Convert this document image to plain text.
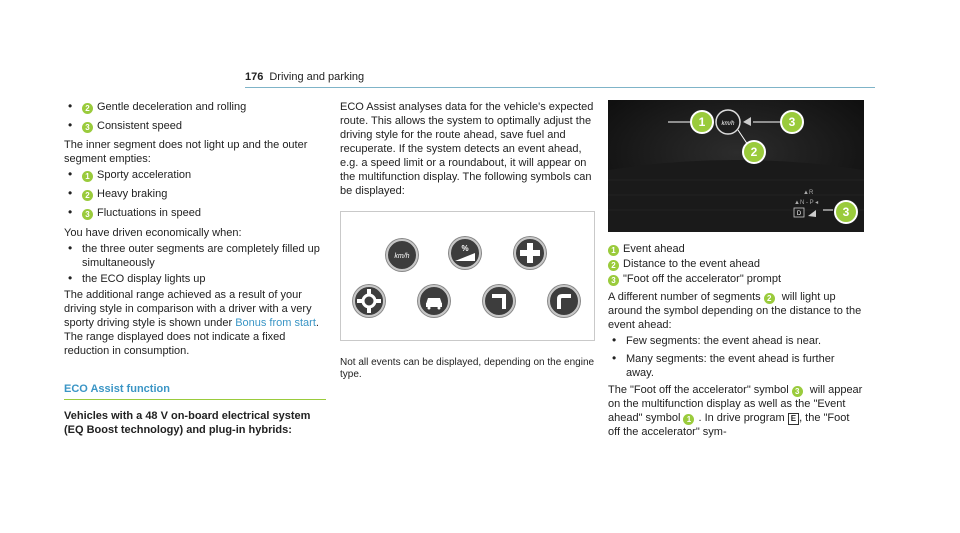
176 Driving and parking
• 2 Gentle deceleration and rolling
• 3 Consistent speed

The inner segment does not light up and the outer segment empties:

• 1 Sporty acceleration
• 2 Heavy braking
• 3 Fluctuations in speed

You have driven economically when:

• the three outer segments are completely filled up simultaneously
• the ECO display lights up

The additional range achieved as a result of your driving style in comparison with a driver with a very sporty driving style is shown under Bonus from start. The range displayed does not indicate a fixed reduction in consumption.

ECO Assist function
Vehicles with a 48 V on-board electrical system (EQ Boost technology) and plug-in hybrids:

ECO Assist analyses data for the vehicle's expected route. This allows the system to optimally adjust the driving style for the route ahead, save fuel and recuperate. If the system detects an event ahead, e.g. a speed limit or a roundabout, it will appear on the multifunction display. The following symbols can be displayed:

km/h
%

Not all events can be displayed, depending on the engine type.

km/h
▲R
▲N - P ◂
D
1
2
3
3

1 Event ahead

2 Distance to the event ahead

3 "Foot off the accelerator" prompt

A different number of segments 2 will light up around the symbol depending on the distance to the event ahead:

• Few segments: the event ahead is near.
• Many segments: the event ahead is further away.

The "Foot off the accelerator" symbol 3 will appear on the multifunction display as well as the "Event ahead" symbol 1 . In drive program E , the "Foot off the accelerator" sym-
